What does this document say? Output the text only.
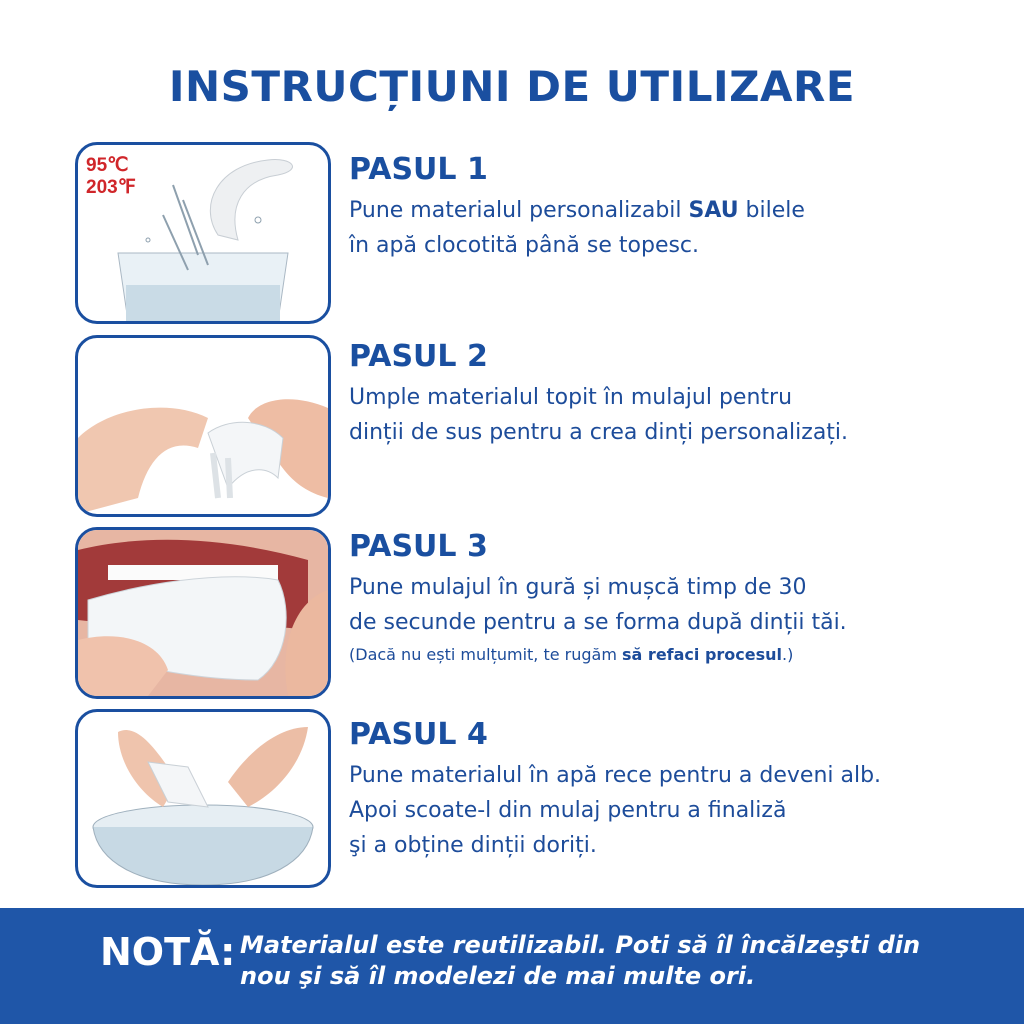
INSTRUCȚIUNI DE UTILIZARE
95℃
203℉
PASUL 1

Pune materialul personalizabil SAU bilele
în apă clocotită până se topesc.

PASUL 2

Umple materialul topit în mulajul pentru
dinții de sus pentru a crea dinți personalizați.

PASUL 3

Pune mulajul în gură și mușcă timp de 30
de secunde pentru a se forma după dinții tăi.

(Dacă nu ești mulțumit, te rugăm să refaci procesul.)

PASUL 4

Pune materialul în apă rece pentru a deveni alb.
Apoi scoate-l din mulaj pentru a finaliză
şi a obține dinții doriți.

NOTĂ: Materialul este reutilizabil. Poti să îl încălzeşti din
nou şi să îl modelezi de mai multe ori.
